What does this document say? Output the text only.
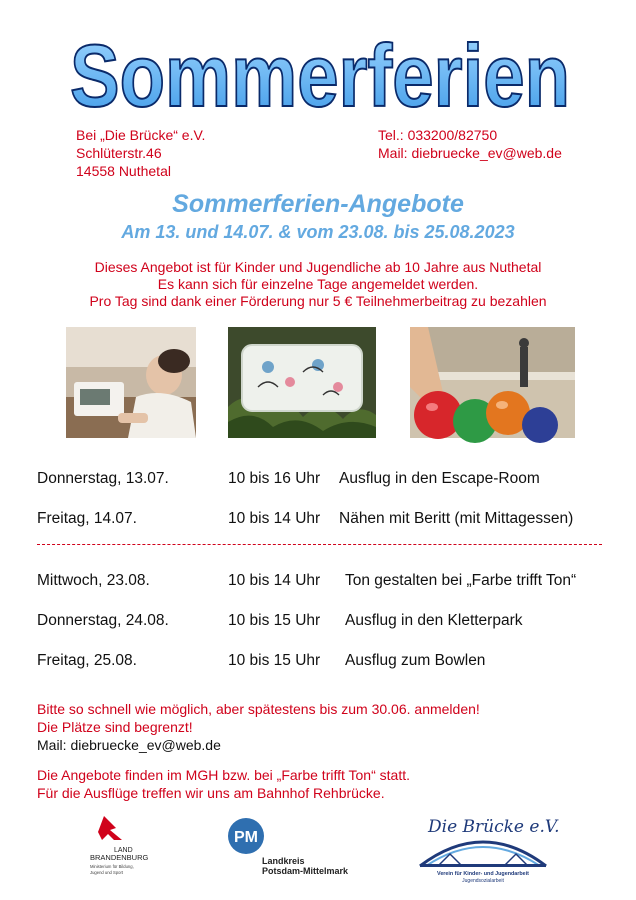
Sommerferien
Bei „Die Brücke“ e.V.
Schlüterstr.46
14558 Nuthetal
Tel.: 033200/82750
Mail: diebruecke_ev@web.de
Sommerferien-Angebote
Am 13. und 14.07. & vom 23.08. bis 25.08.2023
Dieses Angebot ist für Kinder und Jugendliche ab 10 Jahre aus Nuthetal
Es kann sich für einzelne Tage angemeldet werden.
Pro Tag sind dank einer Förderung nur 5 € Teilnehmerbeitrag zu bezahlen
Donnerstag, 13.07.	10 bis 16 Uhr Ausflug in den Escape-Room
Freitag, 14.07.	10 bis 14 Uhr Nähen mit Beritt (mit Mittagessen)
Mittwoch, 23.08.	10 bis 14 Uhr Ton gestalten bei „Farbe trifft Ton“
Donnerstag, 24.08.	10 bis 15 Uhr Ausflug in den Kletterpark
Freitag, 25.08.	10 bis 15 Uhr Ausflug zum Bowlen
Bitte so schnell wie möglich, aber spätestens bis zum 30.06. anmelden!
Die Plätze sind begrenzt!
Mail: diebruecke_ev@web.de
Die Angebote finden im MGH bzw. bei „Farbe trifft Ton“ statt.
Für die Ausflüge treffen wir uns am Bahnhof Rehbrücke.
LAND
BRANDENBURG
Ministerium für Bildung,
Jugend und Sport
PM
Landkreis
Potsdam-Mittelmark
Die Brücke e.V.
Verein für Kinder- und Jugendarbeit
Jugendsozialarbeit
